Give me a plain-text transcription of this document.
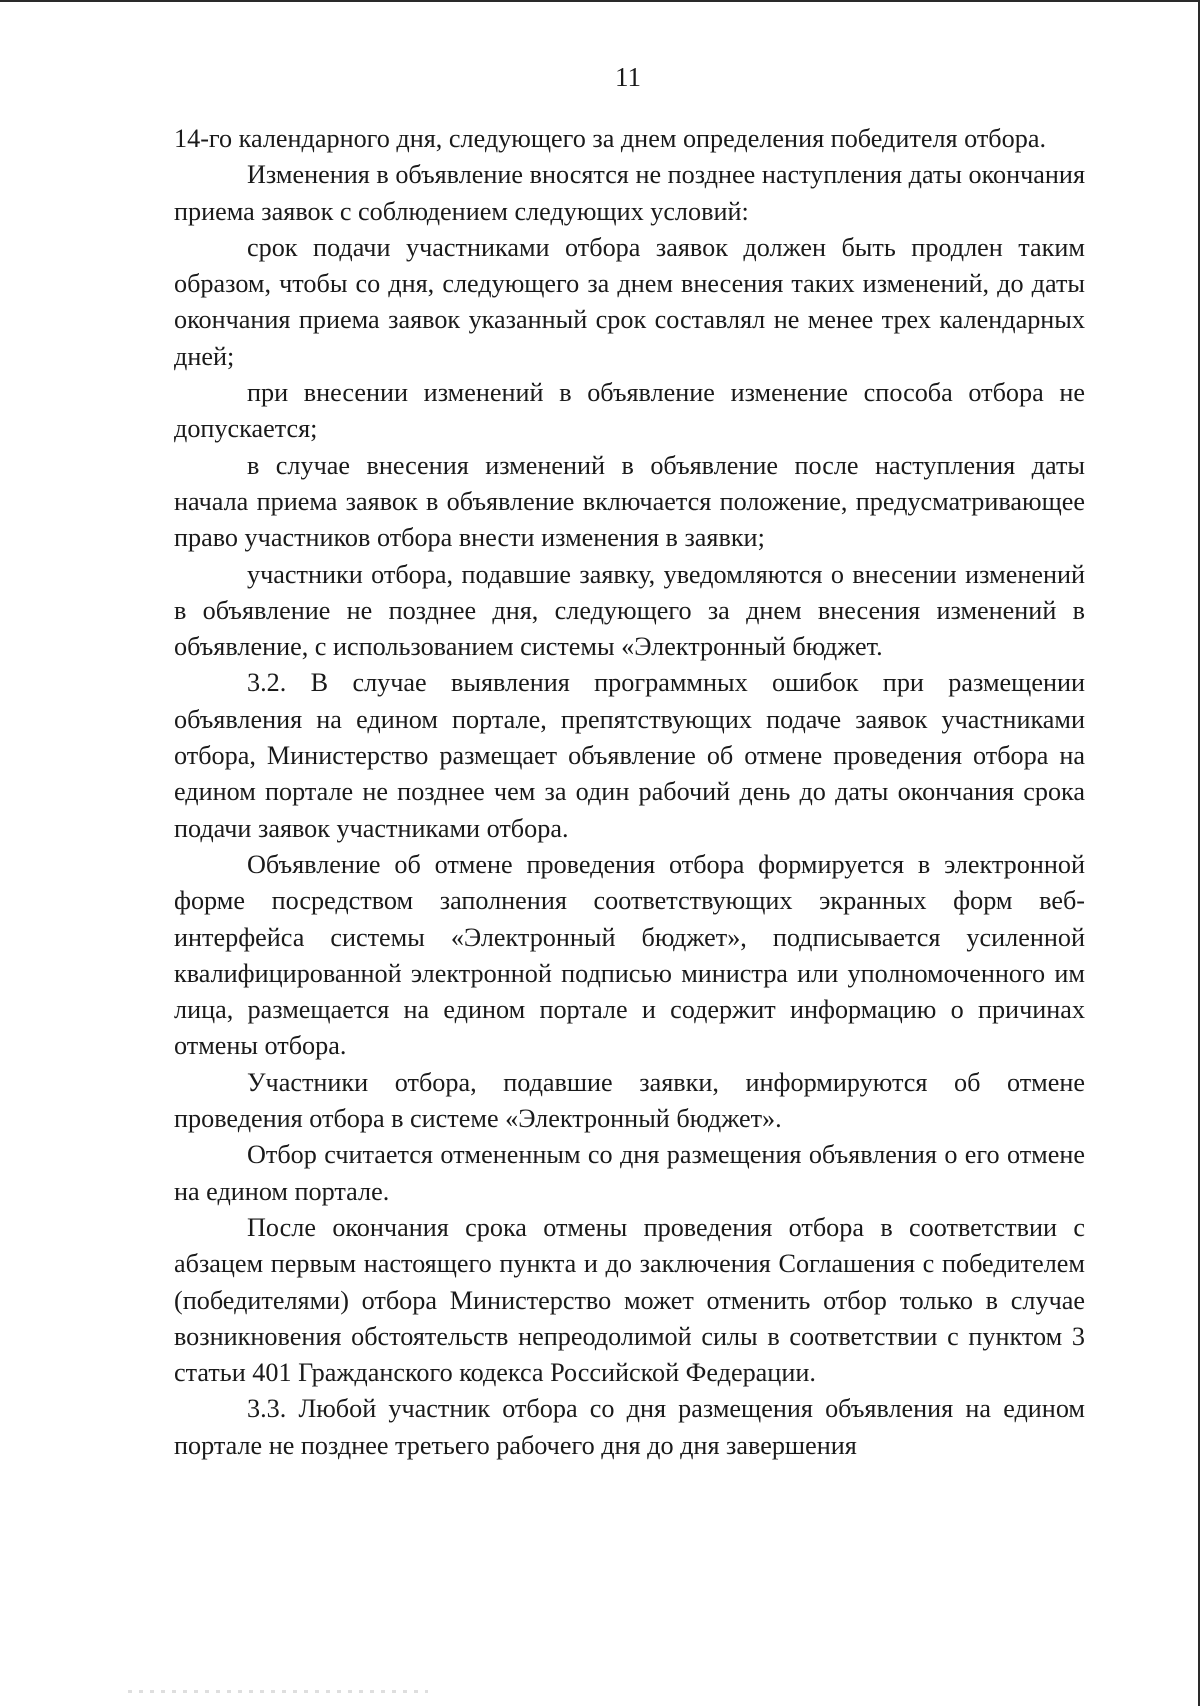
11

14-го календарного дня, следующего за днем определения победителя отбора.

Изменения в объявление вносятся не позднее наступления даты окончания приема заявок с соблюдением следующих условий:

срок подачи участниками отбора заявок должен быть продлен таким образом, чтобы со дня, следующего за днем внесения таких изменений, до даты окончания приема заявок указанный срок составлял не менее трех календарных дней;

при внесении изменений в объявление изменение способа отбора не допускается;

в случае внесения изменений в объявление после наступления даты начала приема заявок в объявление включается положение, предусматривающее право участников отбора внести изменения в заявки;

участники отбора, подавшие заявку, уведомляются о внесении изменений в объявление не позднее дня, следующего за днем внесения изменений в объявление, с использованием системы «Электронный бюджет.

3.2. В случае выявления программных ошибок при размещении объявления на едином портале, препятствующих подаче заявок участниками отбора, Министерство размещает объявление об отмене проведения отбора на едином портале не позднее чем за один рабочий день до даты окончания срока подачи заявок участниками отбора.

Объявление об отмене проведения отбора формируется в электронной форме посредством заполнения соответствующих экранных форм веб-интерфейса системы «Электронный бюджет», подписывается усиленной квалифицированной электронной подписью министра или уполномоченного им лица, размещается на едином портале и содержит информацию о причинах отмены отбора.

Участники отбора, подавшие заявки, информируются об отмене проведения отбора в системе «Электронный бюджет».

Отбор считается отмененным со дня размещения объявления о его отмене на едином портале.

После окончания срока отмены проведения отбора в соответствии с абзацем первым настоящего пункта и до заключения Соглашения с победителем (победителями) отбора Министерство может отменить отбор только в случае возникновения обстоятельств непреодолимой силы в соответствии с пунктом 3 статьи 401 Гражданского кодекса Российской Федерации.

3.3. Любой участник отбора со дня размещения объявления на едином портале не позднее третьего рабочего дня до дня завершения
